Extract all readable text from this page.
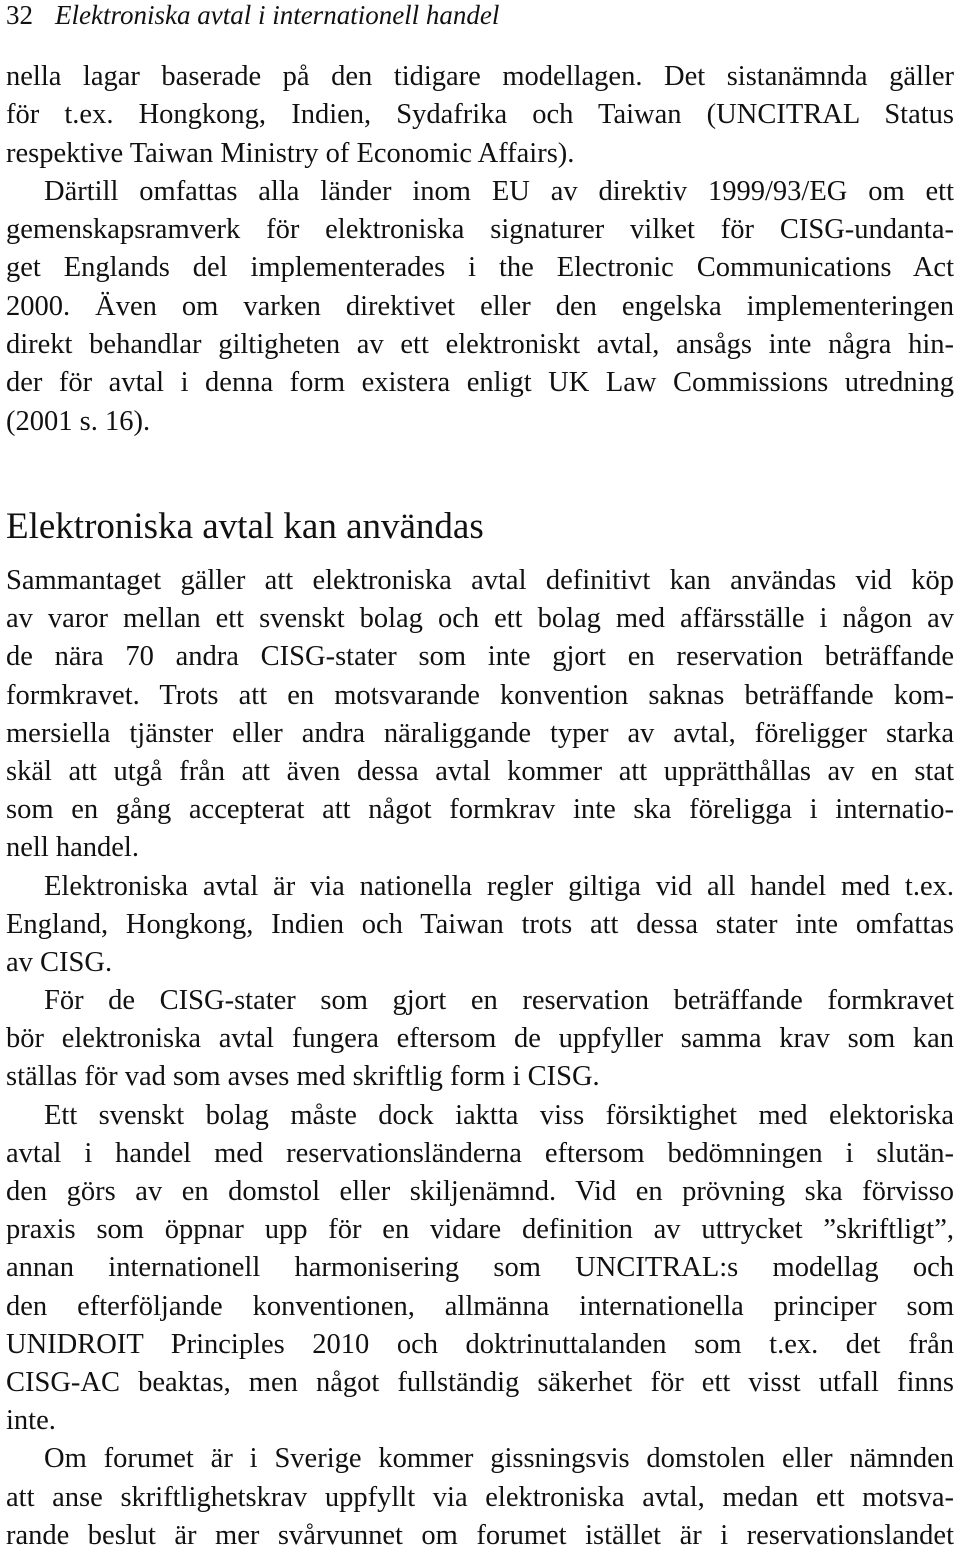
32 Elektroniska avtal i internationell handel
nella lagar baserade på den tidigare modellagen. Det sistanämnda gäller
för t.ex. Hongkong, Indien, Sydafrika och Taiwan (UNCITRAL Status
respektive Taiwan Ministry of Economic Affairs).
Därtill omfattas alla länder inom EU av direktiv 1999/93/EG om ett
gemenskapsramverk för elektroniska signaturer vilket för CISG-undanta-
get Englands del implementerades i the Electronic Communications Act
2000. Även om varken direktivet eller den engelska implementeringen
direkt behandlar giltigheten av ett elektroniskt avtal, ansågs inte några hin-
der för avtal i denna form existera enligt UK Law Commissions utredning
(2001 s. 16).
Elektroniska avtal kan användas
Sammantaget gäller att elektroniska avtal definitivt kan användas vid köp
av varor mellan ett svenskt bolag och ett bolag med affärsställe i någon av
de nära 70 andra CISG-stater som inte gjort en reservation beträffande
formkravet. Trots att en motsvarande konvention saknas beträffande kom-
mersiella tjänster eller andra näraliggande typer av avtal, föreligger starka
skäl att utgå från att även dessa avtal kommer att upprätthållas av en stat
som en gång accepterat att något formkrav inte ska föreligga i internatio-
nell handel.
Elektroniska avtal är via nationella regler giltiga vid all handel med t.ex.
England, Hongkong, Indien och Taiwan trots att dessa stater inte omfattas
av CISG.
För de CISG-stater som gjort en reservation beträffande formkravet
bör elektroniska avtal fungera eftersom de uppfyller samma krav som kan
ställas för vad som avses med skriftlig form i CISG.
Ett svenskt bolag måste dock iaktta viss försiktighet med elektoriska
avtal i handel med reservationsländerna eftersom bedömningen i slutän-
den görs av en domstol eller skiljenämnd. Vid en prövning ska förvisso
praxis som öppnar upp för en vidare definition av uttrycket ”skriftligt”,
annan internationell harmonisering som UNCITRAL:s modellag och
den efterföljande konventionen, allmänna internationella principer som
UNIDROIT Principles 2010 och doktrinuttalanden som t.ex. det från
CISG-AC beaktas, men något fullständig säkerhet för ett visst utfall finns
inte.
Om forumet är i Sverige kommer gissningsvis domstolen eller nämnden
att anse skriftlighetskrav uppfyllt via elektroniska avtal, medan ett motsva-
rande beslut är mer svårvunnet om forumet istället är i reservationslandet
